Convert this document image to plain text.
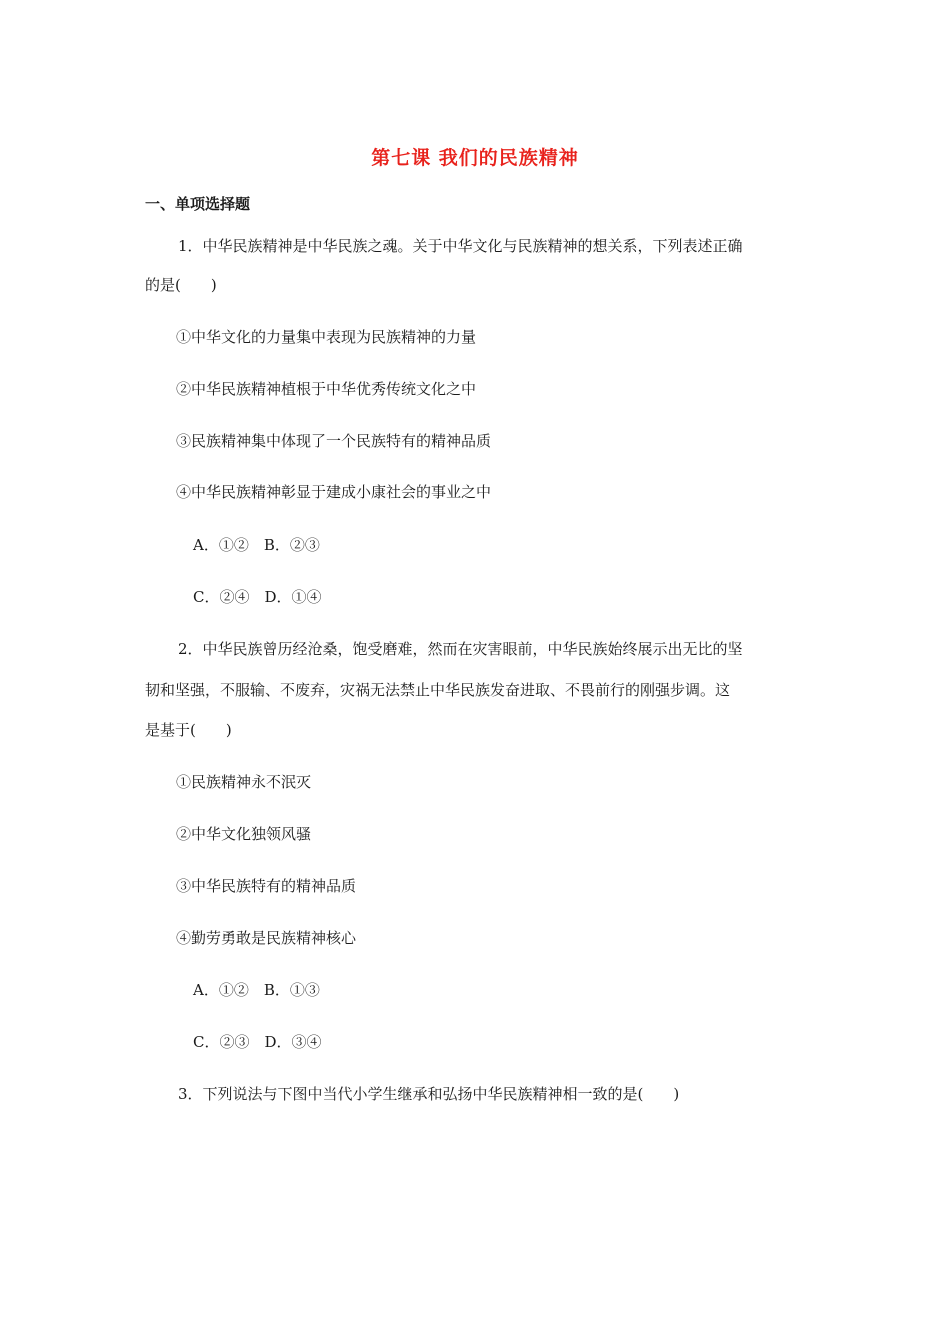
第七课 我们的民族精神
一、单项选择题
1．中华民族精神是中华民族之魂。关于中华文化与民族精神的想关系，下列表述正确
的是(　　)
①中华文化的力量集中表现为民族精神的力量
②中华民族精神植根于中华优秀传统文化之中
③民族精神集中体现了一个民族特有的精神品质
④中华民族精神彰显于建成小康社会的事业之中
A．①②　B．②③
C．②④　D．①④
2．中华民族曾历经沧桑，饱受磨难，然而在灾害眼前，中华民族始终展示出无比的坚
韧和坚强，不服输、不废弃，灾祸无法禁止中华民族发奋进取、不畏前行的刚强步调。这
是基于(　　)
①民族精神永不泯灭
②中华文化独领风骚
③中华民族特有的精神品质
④勤劳勇敢是民族精神核心
A．①②　B．①③
C．②③　D．③④
3．下列说法与下图中当代小学生继承和弘扬中华民族精神相一致的是(　　)
